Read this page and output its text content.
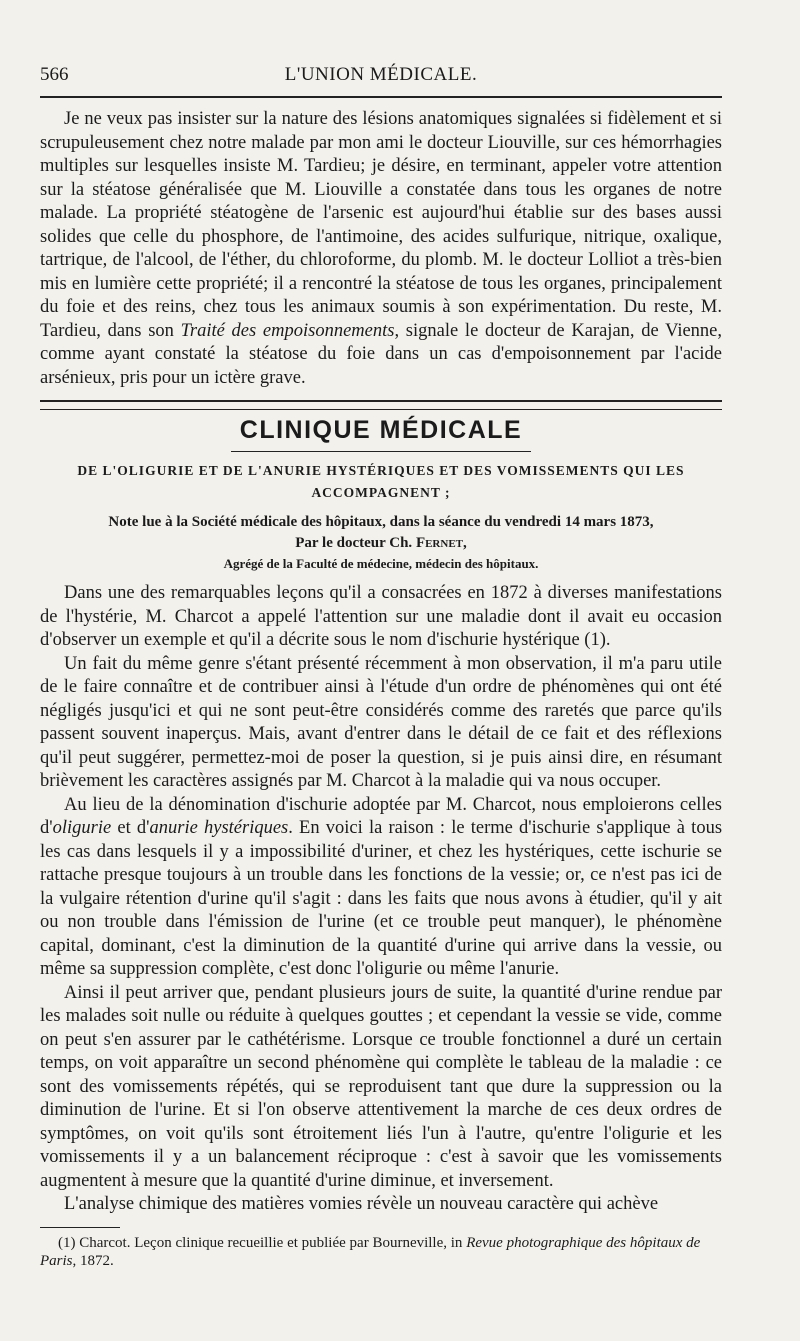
566	L'UNION MÉDICALE.

Je ne veux pas insister sur la nature des lésions anatomiques signalées si fidèlement et si scrupuleusement chez notre malade par mon ami le docteur Liouville, sur ces hémorrhagies multiples sur lesquelles insiste M. Tardieu; je désire, en terminant, appeler votre attention sur la stéatose généralisée que M. Liouville a constatée dans tous les organes de notre malade. La propriété stéatogène de l'arsenic est aujourd'hui établie sur des bases aussi solides que celle du phosphore, de l'antimoine, des acides sulfurique, nitrique, oxalique, tartrique, de l'alcool, de l'éther, du chloroforme, du plomb. M. le docteur Lolliot a très-bien mis en lumière cette propriété; il a rencontré la stéatose de tous les organes, principalement du foie et des reins, chez tous les animaux soumis à son expérimentation. Du reste, M. Tardieu, dans son Traité des empoisonnements, signale le docteur de Karajan, de Vienne, comme ayant constaté la stéatose du foie dans un cas d'empoisonnement par l'acide arsénieux, pris pour un ictère grave.

CLINIQUE MÉDICALE
DE L'OLIGURIE ET DE L'ANURIE HYSTÉRIQUES ET DES VOMISSEMENTS QUI LES ACCOMPAGNENT ;
Note lue à la Société médicale des hôpitaux, dans la séance du vendredi 14 mars 1873,
Par le docteur Ch. Fernet,
Agrégé de la Faculté de médecine, médecin des hôpitaux.

Dans une des remarquables leçons qu'il a consacrées en 1872 à diverses manifestations de l'hystérie, M. Charcot a appelé l'attention sur une maladie dont il avait eu occasion d'observer un exemple et qu'il a décrite sous le nom d'ischurie hystérique (1).

Un fait du même genre s'étant présenté récemment à mon observation, il m'a paru utile de le faire connaître et de contribuer ainsi à l'étude d'un ordre de phénomènes qui ont été négligés jusqu'ici et qui ne sont peut-être considérés comme des raretés que parce qu'ils passent souvent inaperçus. Mais, avant d'entrer dans le détail de ce fait et des réflexions qu'il peut suggérer, permettez-moi de poser la question, si je puis ainsi dire, en résumant brièvement les caractères assignés par M. Charcot à la maladie qui va nous occuper.

Au lieu de la dénomination d'ischurie adoptée par M. Charcot, nous emploierons celles d'oligurie et d'anurie hystériques. En voici la raison : le terme d'ischurie s'applique à tous les cas dans lesquels il y a impossibilité d'uriner, et chez les hystériques, cette ischurie se rattache presque toujours à un trouble dans les fonctions de la vessie; or, ce n'est pas ici de la vulgaire rétention d'urine qu'il s'agit : dans les faits que nous avons à étudier, qu'il y ait ou non trouble dans l'émission de l'urine (et ce trouble peut manquer), le phénomène capital, dominant, c'est la diminution de la quantité d'urine qui arrive dans la vessie, ou même sa suppression complète, c'est donc l'oligurie ou même l'anurie.

Ainsi il peut arriver que, pendant plusieurs jours de suite, la quantité d'urine rendue par les malades soit nulle ou réduite à quelques gouttes ; et cependant la vessie se vide, comme on peut s'en assurer par le cathétérisme. Lorsque ce trouble fonctionnel a duré un certain temps, on voit apparaître un second phénomène qui complète le tableau de la maladie : ce sont des vomissements répétés, qui se reproduisent tant que dure la suppression ou la diminution de l'urine. Et si l'on observe attentivement la marche de ces deux ordres de symptômes, on voit qu'ils sont étroitement liés l'un à l'autre, qu'entre l'oligurie et les vomissements il y a un balancement réciproque : c'est à savoir que les vomissements augmentent à mesure que la quantité d'urine diminue, et inversement.

L'analyse chimique des matières vomies révèle un nouveau caractère qui achève

(1) Charcot. Leçon clinique recueillie et publiée par Bourneville, in Revue photographique des hôpitaux de Paris, 1872.
